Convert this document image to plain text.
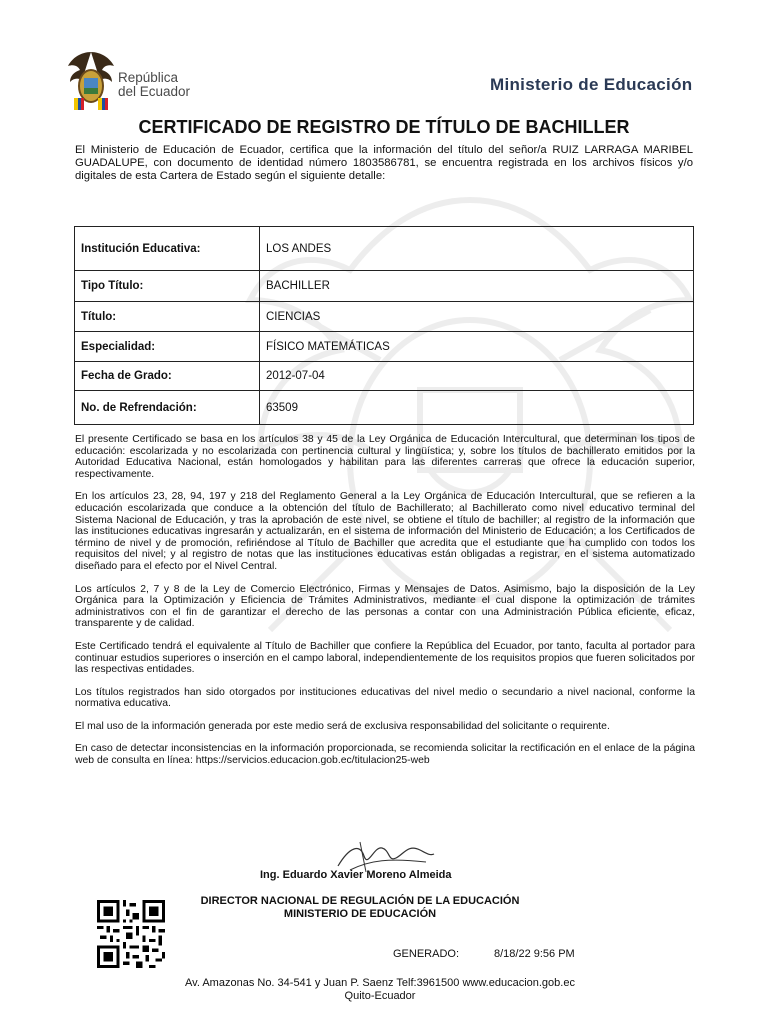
República
del Ecuador	Ministerio de Educación
CERTIFICADO DE REGISTRO DE TÍTULO DE BACHILLER
El Ministerio de Educación de Ecuador, certifica que la información del título del señor/a RUIZ LARRAGA MARIBEL GUADALUPE, con documento de identidad número 1803586781, se encuentra registrada en los archivos físicos y/o digitales de esta Cartera de Estado según el siguiente detalle:
Institución Educativa:	LOS ANDES
Tipo Título:	BACHILLER
Título:	CIENCIAS
Especialidad:	FÍSICO MATEMÁTICAS
Fecha de Grado:	2012-07-04
No. de Refrendación:	63509

El presente Certificado se basa en los artículos 38 y 45 de la Ley Orgánica de Educación Intercultural, que determinan los tipos de educación: escolarizada y no escolarizada con pertinencia cultural y lingüística; y, sobre los títulos de bachillerato emitidos por la Autoridad Educativa Nacional, están homologados y habilitan para las diferentes carreras que ofrece la educación superior, respectivamente.

En los artículos 23, 28, 94, 197 y 218 del Reglamento General a la Ley Orgánica de Educación Intercultural, que se refieren a la educación escolarizada que conduce a la obtención del título de Bachillerato; al Bachillerato como nivel educativo terminal del Sistema Nacional de Educación, y tras la aprobación de este nivel, se obtiene el título de bachiller; al registro de la información que las instituciones educativas ingresarán y actualizarán, en el sistema de información del Ministerio de Educación; a los Certificados de término de nivel y de promoción, refiriéndose al Título de Bachiller que acredita que el estudiante que ha cumplido con todos los requisitos del nivel; y al registro de notas que las instituciones educativas están obligadas a registrar, en el sistema automatizado diseñado para el efecto por el Nivel Central.

Los artículos 2, 7 y 8 de la Ley de Comercio Electrónico, Firmas y Mensajes de Datos. Asimismo, bajo la disposición de la Ley Orgánica para la Optimización y Eficiencia de Trámites Administrativos, mediante el cual dispone la optimización de trámites administrativos con el fin de garantizar el derecho de las personas a contar con una Administración Pública eficiente, eficaz, transparente y de calidad.

Este Certificado tendrá el equivalente al Título de Bachiller que confiere la República del Ecuador, por tanto, faculta al portador para continuar estudios superiores o inserción en el campo laboral, independientemente de los requisitos propios que fueren solicitados por las respectivas entidades.

Los títulos registrados han sido otorgados por instituciones educativas del nivel medio o secundario a nivel nacional, conforme la normativa educativa.

El mal uso de la información generada por este medio será de exclusiva responsabilidad del solicitante o requirente.

En caso de detectar inconsistencias en la información proporcionada, se recomienda solicitar la rectificación en el enlace de la página web de consulta en línea: https://servicios.educacion.gob.ec/titulacion25-web

Ing. Eduardo Xavier Moreno Almeida
DIRECTOR NACIONAL DE REGULACIÓN DE LA EDUCACIÓN
MINISTERIO DE EDUCACIÓN
GENERADO:	8/18/22 9:56 PM
Av. Amazonas No. 34-541 y Juan P. Saenz Telf:3961500 www.educacion.gob.ec
Quito-Ecuador
